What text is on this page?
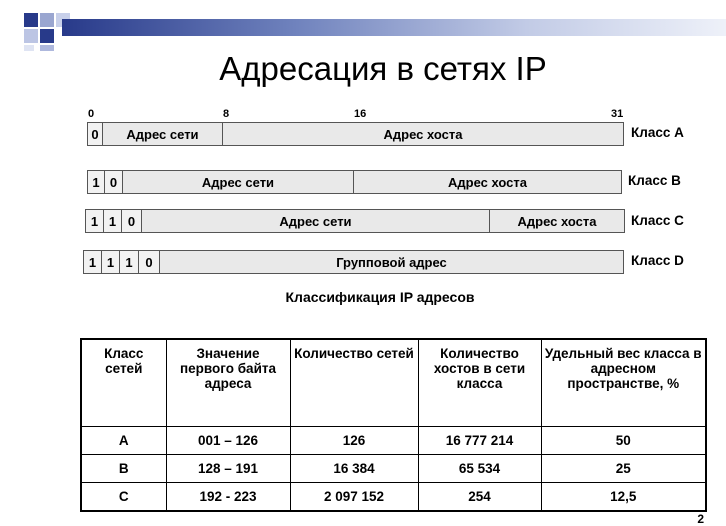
Адресация в сетях IP
0	8	16	31
0	Адрес сети	Адрес хоста	Класс A
1 0	Адрес сети	Адрес хоста	Класс B
1 1 0	Адрес сети	Адрес хоста	Класс C
1 1 1 0	Групповой адрес	Класс D
Классификация IP адресов
Класс сетей	Значение первого байта адреса	Количество сетей	Количество хостов в сети класса	Удельный вес класса в адресном пространстве, %
A	001 – 126	126	16 777 214	50
B	128 – 191	16 384	65 534	25
C	192 - 223	2 097 152	254	12,5
2
